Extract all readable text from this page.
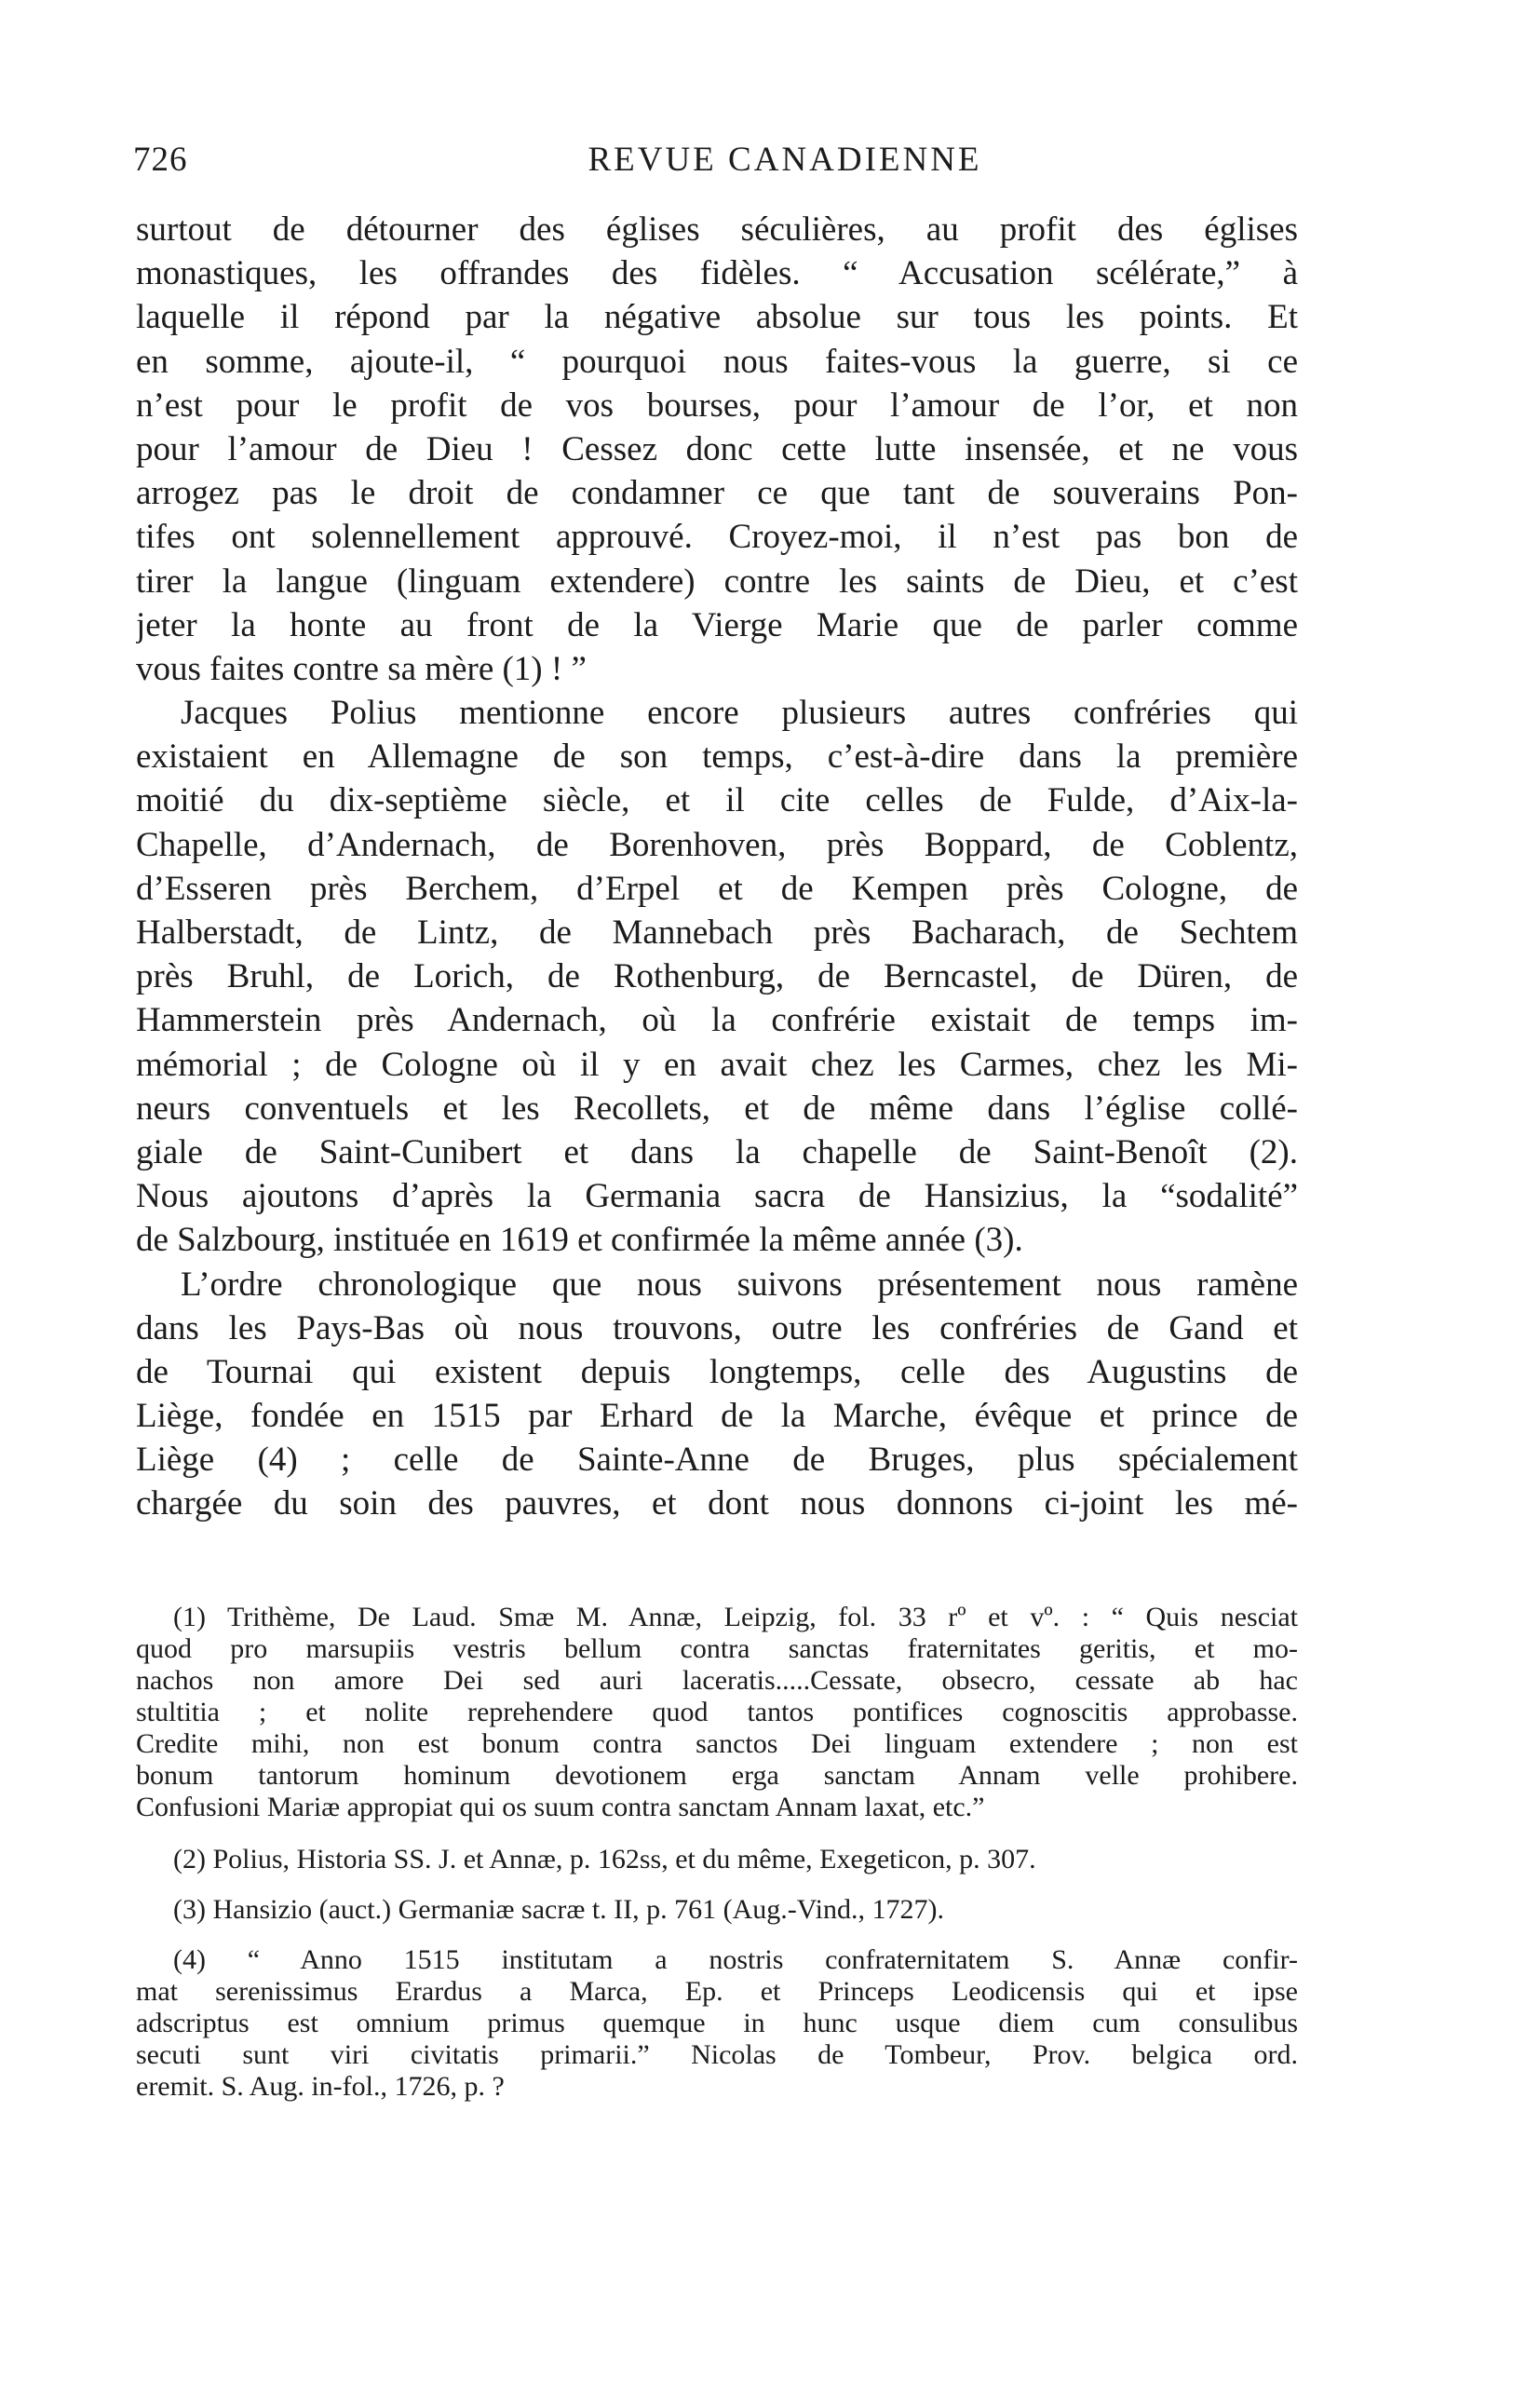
726	REVUE CANADIENNE
surtout de détourner des églises séculières, au profit des églises
monastiques, les offrandes des fidèles. “ Accusation scélérate,” à
laquelle il répond par la négative absolue sur tous les points. Et
en somme, ajoute-il, “ pourquoi nous faites-vous la guerre, si ce
n’est pour le profit de vos bourses, pour l’amour de l’or, et non
pour l’amour de Dieu ! Cessez donc cette lutte insensée, et ne vous
arrogez pas le droit de condamner ce que tant de souverains Pon-
tifes ont solennellement approuvé. Croyez-moi, il n’est pas bon de
tirer la langue (linguam extendere) contre les saints de Dieu, et c’est
jeter la honte au front de la Vierge Marie que de parler comme
vous faites contre sa mère (1) ! ”
Jacques Polius mentionne encore plusieurs autres confréries qui
existaient en Allemagne de son temps, c’est-à-dire dans la première
moitié du dix-septième siècle, et il cite celles de Fulde, d’Aix-la-
Chapelle, d’Andernach, de Borenhoven, près Boppard, de Coblentz,
d’Esseren près Berchem, d’Erpel et de Kempen près Cologne, de
Halberstadt, de Lintz, de Mannebach près Bacharach, de Sechtem
près Bruhl, de Lorich, de Rothenburg, de Berncastel, de Düren, de
Hammerstein près Andernach, où la confrérie existait de temps im-
mémorial ; de Cologne où il y en avait chez les Carmes, chez les Mi-
neurs conventuels et les Recollets, et de même dans l’église collé-
giale de Saint-Cunibert et dans la chapelle de Saint-Benoît (2).
Nous ajoutons d’après la Germania sacra de Hansizius, la “sodalité”
de Salzbourg, instituée en 1619 et confirmée la même année (3).
L’ordre chronologique que nous suivons présentement nous ramène
dans les Pays-Bas où nous trouvons, outre les confréries de Gand et
de Tournai qui existent depuis longtemps, celle des Augustins de
Liège, fondée en 1515 par Erhard de la Marche, évêque et prince de
Liège (4) ; celle de Sainte-Anne de Bruges, plus spécialement
chargée du soin des pauvres, et dont nous donnons ci-joint les mé-
(1) Trithème, De Laud. Smæ M. Annæ, Leipzig, fol. 33 rº et vº. : “ Quis nesciat
quod pro marsupiis vestris bellum contra sanctas fraternitates geritis, et mo-
nachos non amore Dei sed auri laceratis.....Cessate, obsecro, cessate ab hac
stultitia ; et nolite reprehendere quod tantos pontifices cognoscitis approbasse.
Credite mihi, non est bonum contra sanctos Dei linguam extendere ; non est
bonum tantorum hominum devotionem erga sanctam Annam velle prohibere.
Confusioni Mariæ appropiat qui os suum contra sanctam Annam laxat, etc.”
(2) Polius, Historia SS. J. et Annæ, p. 162ss, et du même, Exegeticon, p. 307.
(3) Hansizio (auct.) Germaniæ sacræ t. II, p. 761 (Aug.-Vind., 1727).
(4) “ Anno 1515 institutam a nostris confraternitatem S. Annæ confir-
mat serenissimus Erardus a Marca, Ep. et Princeps Leodicensis qui et ipse
adscriptus est omnium primus quemque in hunc usque diem cum consulibus
secuti sunt viri civitatis primarii.” Nicolas de Tombeur, Prov. belgica ord.
eremit. S. Aug. in-fol., 1726, p. ?
